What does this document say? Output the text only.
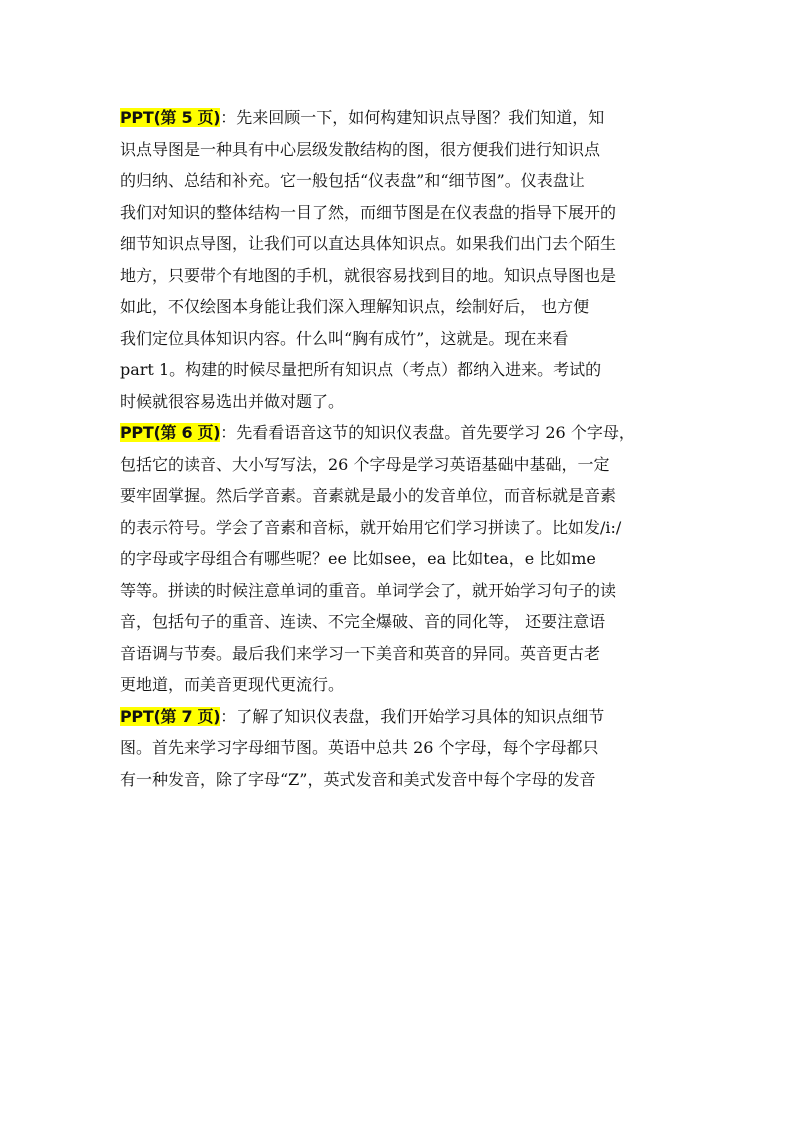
PPT(第 5 页)：先来回顾一下，如何构建知识点导图？我们知道，知
识点导图是一种具有中心层级发散结构的图，很方便我们进行知识点
的归纳、总结和补充。它一般包括“仪表盘”和“细节图”。仪表盘让
我们对知识的整体结构一目了然，而细节图是在仪表盘的指导下展开的
细节知识点导图，让我们可以直达具体知识点。如果我们出门去个陌生
地方，只要带个有地图的手机，就很容易找到目的地。知识点导图也是
如此，不仅绘图本身能让我们深入理解知识点，绘制好后， 也方便
我们定位具体知识内容。什么叫“胸有成竹”，这就是。现在来看
part 1。构建的时候尽量把所有知识点（考点）都纳入进来。考试的
时候就很容易选出并做对题了。
PPT(第 6 页)：先看看语音这节的知识仪表盘。首先要学习 26 个字母，
包括它的读音、大小写写法，26 个字母是学习英语基础中基础，一定
要牢固掌握。然后学音素。音素就是最小的发音单位，而音标就是音素
的表示符号。学会了音素和音标，就开始用它们学习拼读了。比如发/i:/
的字母或字母组合有哪些呢？ee 比如see，ea 比如tea，e 比如me
等等。拼读的时候注意单词的重音。单词学会了，就开始学习句子的读
音，包括句子的重音、连读、不完全爆破、音的同化等， 还要注意语
音语调与节奏。最后我们来学习一下美音和英音的异同。英音更古老
更地道，而美音更现代更流行。
PPT(第 7 页)：了解了知识仪表盘，我们开始学习具体的知识点细节
图。首先来学习字母细节图。英语中总共 26 个字母，每个字母都只
有一种发音，除了字母“Z”，英式发音和美式发音中每个字母的发音
